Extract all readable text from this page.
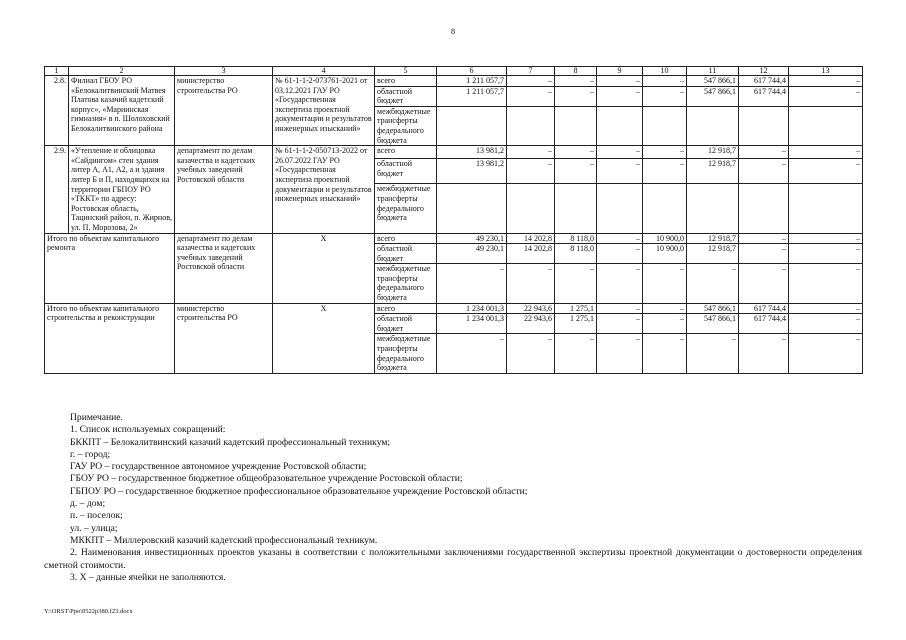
8
1	2	3	4	5	6	7	8	9	10	11	12	13
2.8.	Филиал ГБОУ РО «Белокалитвинский Матвея Платова казачий кадетский корпус», «Мариинская гимназия» в п. Шолоховский Белокалитвинского района	министерство строительства РО	№ 61-1-1-2-073761-2021 от 03.12.2021 ГАУ РО «Государственная экспертиза проектной документации и результатов инженерных изысканий»	всего	1 211 057,7	–	–	–	–	547 866,1	617 744,4	–
				областной бюджет	1 211 057,7	–	–	–	–	547 866,1	617 744,4	–
				межбюджетные трансферты федерального бюджета								
2.9.	«Утепление и облицовка «Сайдингом» стен здания литер А, А1, А2, а и здания литер Б и П, находящихся на территории ГБПОУ РО «ТККТ» по адресу: Ростовская область, Тацинский район, п. Жирнов, ул. П. Морозова, 2»	департамент по делам казачества и кадетских учебных заведений Ростовской области	№ 61-1-1-2-050713-2022 от 26.07.2022 ГАУ РО «Государственная экспертиза проектной документации и результатов инженерных изысканий»	всего	13 981,2	–	–	–	–	12 918,7	–	–
				областной бюджет	13 981,2	–	–	–	–	12 918,7	–	–
				межбюджетные трансферты федерального бюджета								
Итого по объектам капитального ремонта		департамент по делам казачества и кадетских учебных заведений Ростовской области	Х	всего	49 230,1	14 202,8	8 118,0	–	10 900,0	12 918,7	–	–
				областной бюджет	49 230,1	14 202,8	8 118,0	–	10 900,0	12 918,7	–	–
				межбюджетные трансферты федерального бюджета	–	–	–	–	–	–	–	–
Итого по объектам капитального строительства и реконструкции		министерство строительства РО	Х	всего	1 234 001,3	22 943,6	1 275,1	–	–	547 866,1	617 744,4	–
				областной бюджет	1 234 001,3	22 943,6	1 275,1	–	–	547 866,1	617 744,4	–
				межбюджетные трансферты федерального бюджета	–	–	–	–	–	–	–	–

Примечание.

1. Список используемых сокращений:

БККПТ – Белокалитвинский казачий кадетский профессиональный техникум;

г. – город;

ГАУ РО – государственное автономное учреждение Ростовской области;

ГБОУ РО – государственное бюджетное общеобразовательное учреждение Ростовской области;

ГБПОУ РО – государственное бюджетное профессиональное образовательное учреждение Ростовской области;

д. – дом;

п. – поселок;

ул. – улица;

МККПТ – Миллеровский казачий кадетский профессиональный техникум.

2. Наименования инвестиционных проектов указаны в соответствии с положительными заключениями государственной экспертизы проектной документации о достоверности определения сметной стоимости.

3. Х – данные ячейки не заполняются.

Y:\ORST\Ppo\0522p380.f23.docx
